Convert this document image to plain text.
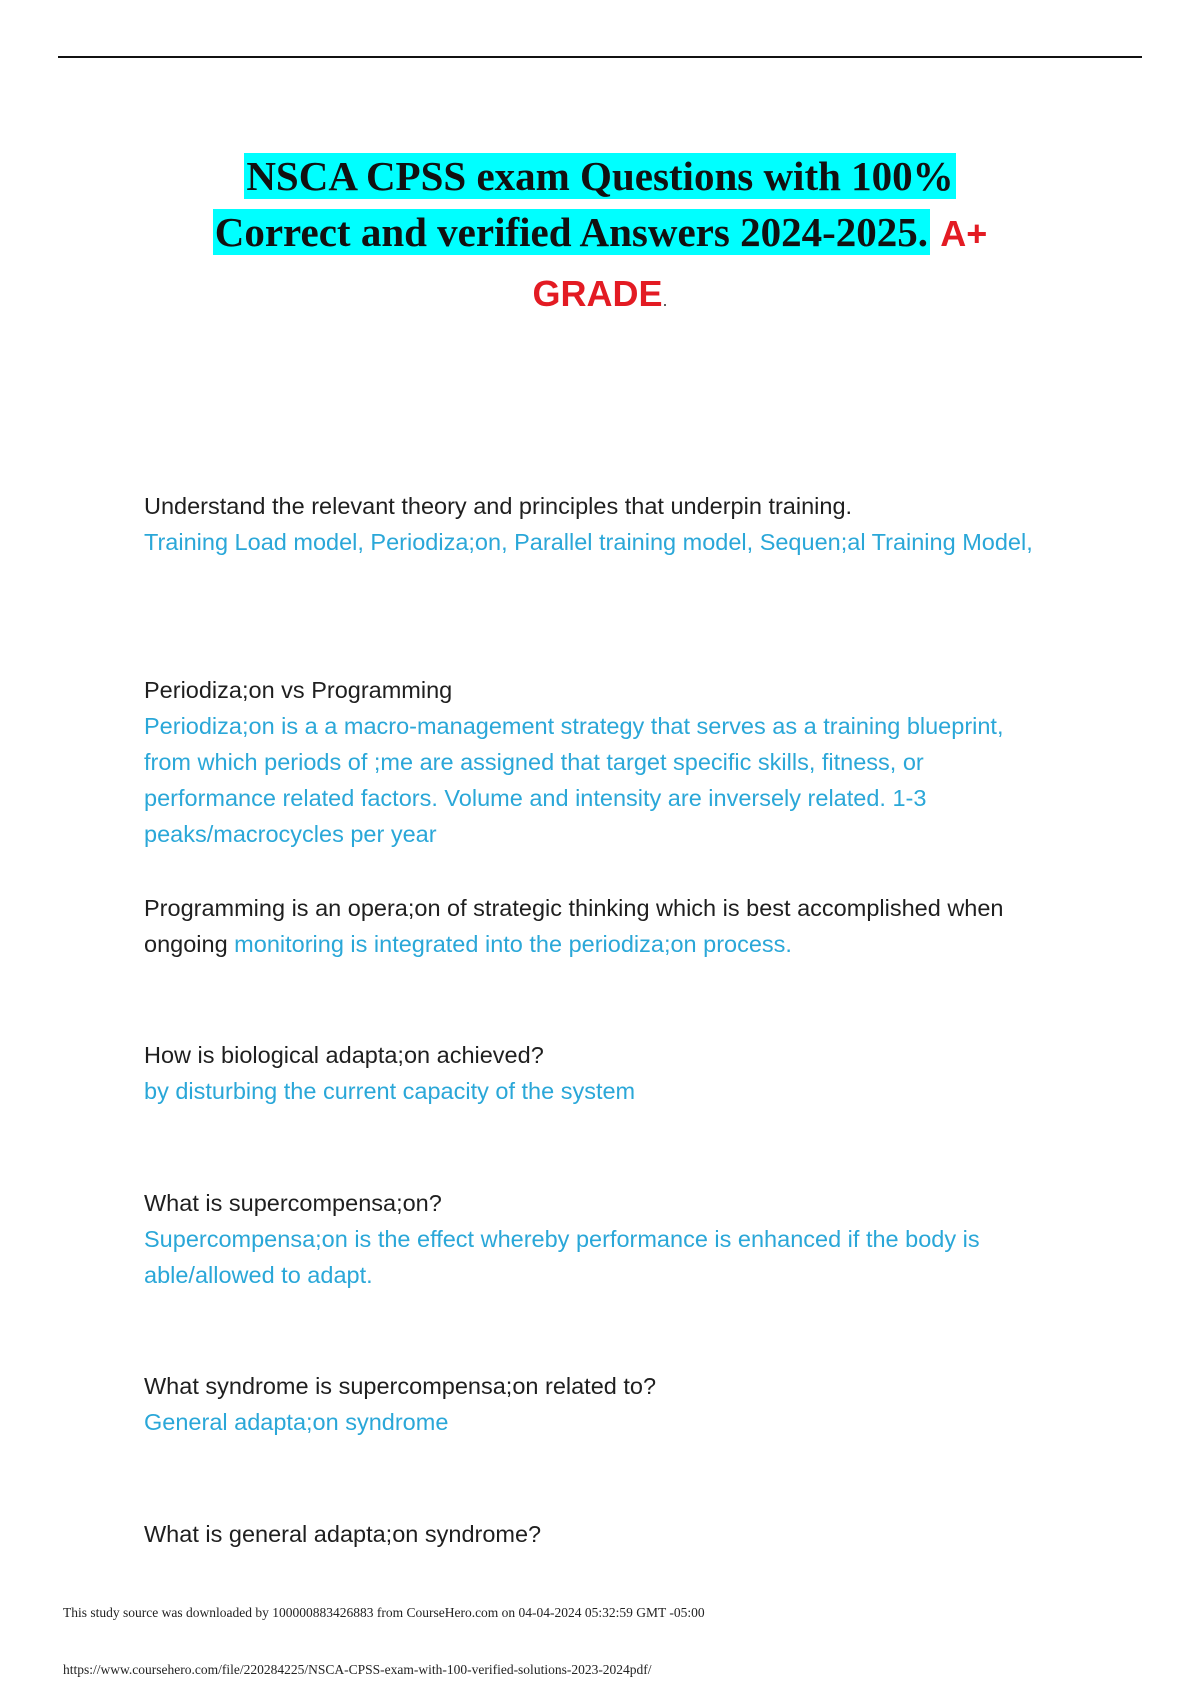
NSCA CPSS exam Questions with 100%
Correct and verified Answers 2024-2025. A+
GRADE.
Understand the relevant theory and principles that underpin training.
Training Load model, Periodiza;on, Parallel training model, Sequen;al Training Model,
Periodiza;on vs Programming
Periodiza;on is a a macro-management strategy that serves as a training blueprint, from which periods of ;me are assigned that target specific skills, fitness, or performance related factors. Volume and intensity are inversely related. 1-3 peaks/macrocycles per year
Programming is an opera;on of strategic thinking which is best accomplished when ongoing monitoring is integrated into the periodiza;on process.
How is biological adapta;on achieved?
by disturbing the current capacity of the system
What is supercompensa;on?
Supercompensa;on is the effect whereby performance is enhanced if the body is able/allowed to adapt.
What syndrome is supercompensa;on related to?
General adapta;on syndrome
What is general adapta;on syndrome?
This study source was downloaded by 100000883426883 from CourseHero.com on 04-04-2024 05:32:59 GMT -05:00
https://www.coursehero.com/file/220284225/NSCA-CPSS-exam-with-100-verified-solutions-2023-2024pdf/
